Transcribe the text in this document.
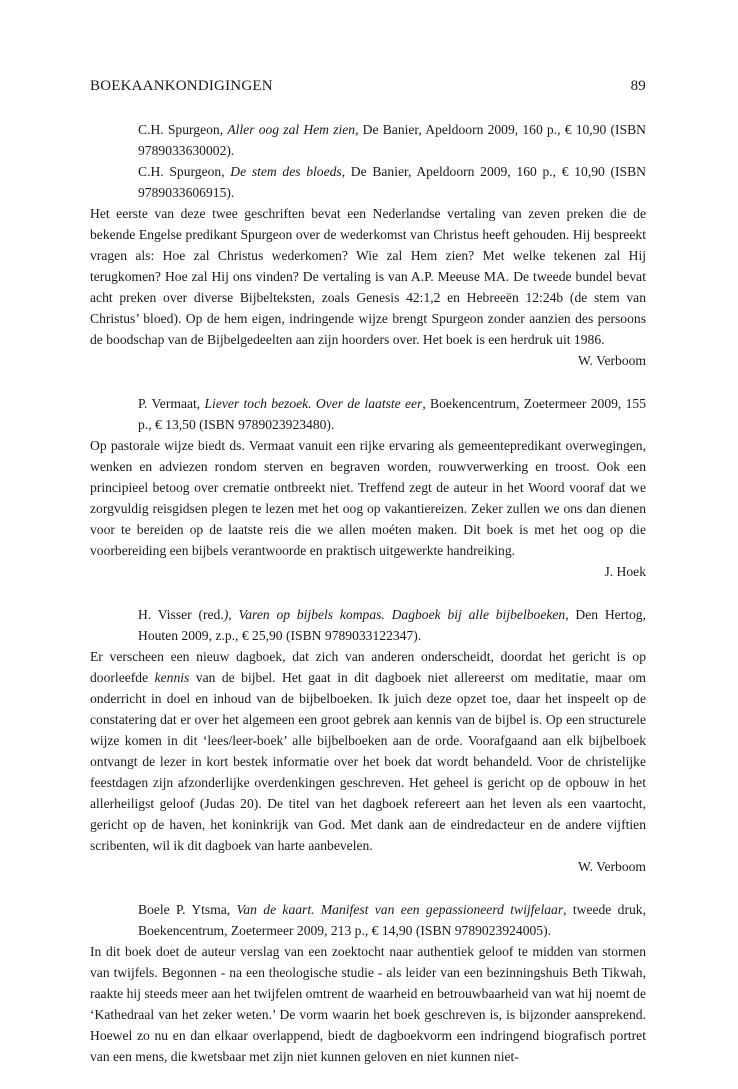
BOEKAANKONDIGINGEN	89
C.H. Spurgeon, Aller oog zal Hem zien, De Banier, Apeldoorn 2009, 160 p., € 10,90 (ISBN 9789033630002).
C.H. Spurgeon, De stem des bloeds, De Banier, Apeldoorn 2009, 160 p., € 10,90 (ISBN 9789033606915).

Het eerste van deze twee geschriften bevat een Nederlandse vertaling van zeven preken die de bekende Engelse predikant Spurgeon over de wederkomst van Christus heeft gehouden. Hij bespreekt vragen als: Hoe zal Christus wederkomen? Wie zal Hem zien? Met welke tekenen zal Hij terugkomen? Hoe zal Hij ons vinden? De vertaling is van A.P. Meeuse MA. De tweede bundel bevat acht preken over diverse Bijbelteksten, zoals Genesis 42:1,2 en Hebreeën 12:24b (de stem van Christus’ bloed). Op de hem eigen, indringende wijze brengt Spurgeon zonder aanzien des persoons de boodschap van de Bijbelgedeelten aan zijn hoorders over. Het boek is een herdruk uit 1986.

W. Verboom
P. Vermaat, Liever toch bezoek. Over de laatste eer, Boekencentrum, Zoetermeer 2009, 155 p., € 13,50 (ISBN 9789023923480).

Op pastorale wijze biedt ds. Vermaat vanuit een rijke ervaring als gemeentepredikant overwegingen, wenken en adviezen rondom sterven en begraven worden, rouwverwerking en troost. Ook een principieel betoog over crematie ontbreekt niet. Treffend zegt de auteur in het Woord vooraf dat we zorgvuldig reisgidsen plegen te lezen met het oog op vakantiereizen. Zeker zullen we ons dan dienen voor te bereiden op de laatste reis die we allen moéten maken. Dit boek is met het oog op die voorbereiding een bijbels verantwoorde en praktisch uitgewerkte handreiking.

J. Hoek
H. Visser (red.), Varen op bijbels kompas. Dagboek bij alle bijbelboeken, Den Hertog, Houten 2009, z.p., € 25,90 (ISBN 9789033122347).

Er verscheen een nieuw dagboek, dat zich van anderen onderscheidt, doordat het gericht is op doorleefde kennis van de bijbel. Het gaat in dit dagboek niet allereerst om meditatie, maar om onderricht in doel en inhoud van de bijbelboeken. Ik juich deze opzet toe, daar het inspeelt op de constatering dat er over het algemeen een groot gebrek aan kennis van de bijbel is. Op een structurele wijze komen in dit ‘lees/leer-boek’ alle bijbelboeken aan de orde. Voorafgaand aan elk bijbelboek ontvangt de lezer in kort bestek informatie over het boek dat wordt behandeld. Voor de christelijke feestdagen zijn afzonderlijke overdenkingen geschreven. Het geheel is gericht op de opbouw in het allerheiligst geloof (Judas 20). De titel van het dagboek refereert aan het leven als een vaartocht, gericht op de haven, het koninkrijk van God. Met dank aan de eindredacteur en de andere vijftien scribenten, wil ik dit dagboek van harte aanbevelen.

W. Verboom
Boele P. Ytsma, Van de kaart. Manifest van een gepassioneerd twijfelaar, tweede druk, Boekencentrum, Zoetermeer 2009, 213 p., € 14,90 (ISBN 9789023924005).

In dit boek doet de auteur verslag van een zoektocht naar authentiek geloof te midden van stormen van twijfels. Begonnen - na een theologische studie - als leider van een bezinningshuis Beth Tikwah, raakte hij steeds meer aan het twijfelen omtrent de waarheid en betrouwbaarheid van wat hij noemt de ‘Kathedraal van het zeker weten.’ De vorm waarin het boek geschreven is, is bijzonder aansprekend. Hoewel zo nu en dan elkaar overlappend, biedt de dagboekvorm een indringend biografisch portret van een mens, die kwetsbaar met zijn niet kunnen geloven en niet kunnen niet-
